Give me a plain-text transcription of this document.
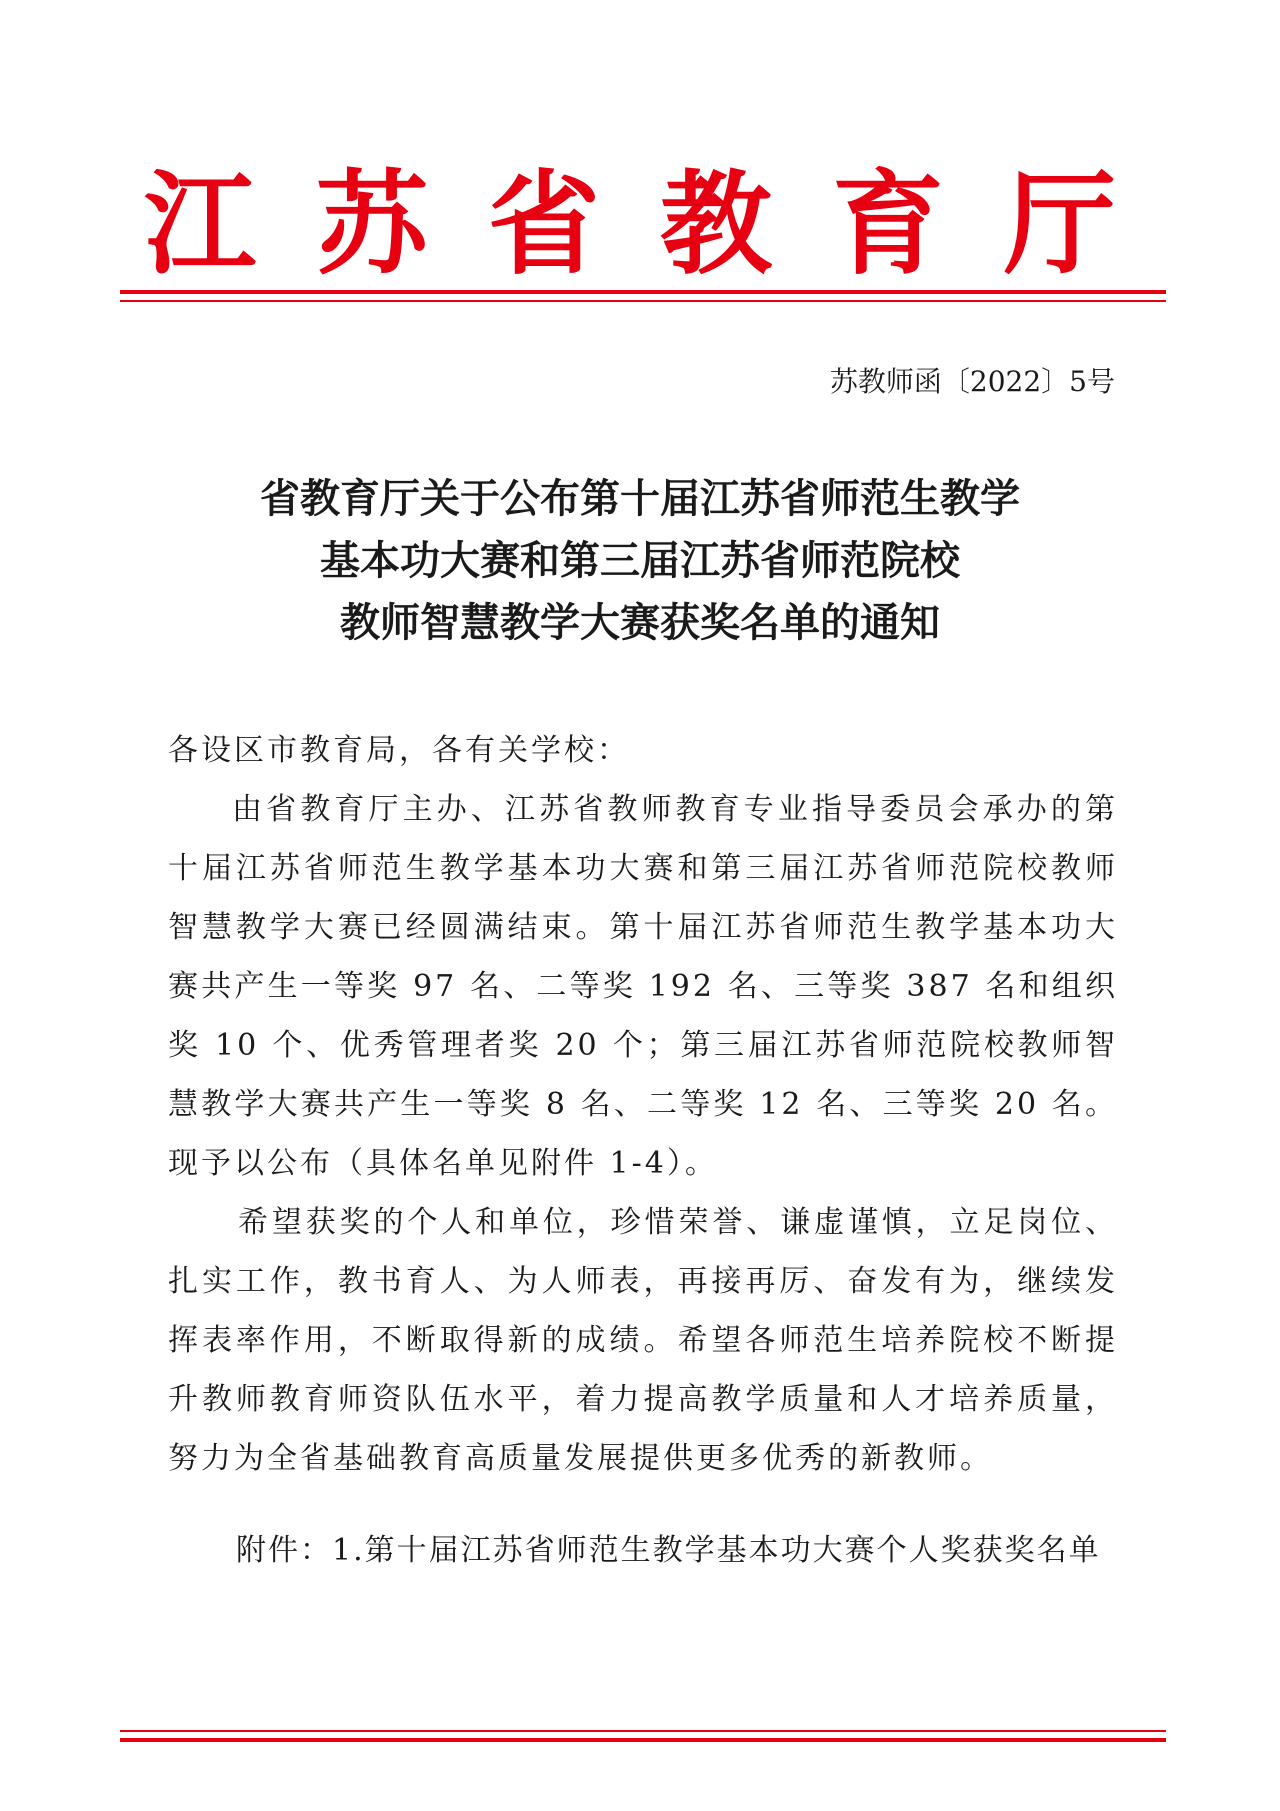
江苏省教育厅
苏教师函〔2022〕5号
省教育厅关于公布第十届江苏省师范生教学
基本功大赛和第三届江苏省师范院校
教师智慧教学大赛获奖名单的通知
各设区市教育局，各有关学校：
由省教育厅主办、江苏省教师教育专业指导委员会承办的第十届江苏省师范生教学基本功大赛和第三届江苏省师范院校教师智慧教学大赛已经圆满结束。第十届江苏省师范生教学基本功大赛共产生一等奖 97 名、二等奖 192 名、三等奖 387 名和组织奖 10 个、优秀管理者奖 20 个；第三届江苏省师范院校教师智慧教学大赛共产生一等奖 8 名、二等奖 12 名、三等奖 20 名。现予以公布（具体名单见附件 1-4）。
希望获奖的个人和单位，珍惜荣誉、谦虚谨慎，立足岗位、扎实工作，教书育人、为人师表，再接再厉、奋发有为，继续发挥表率作用，不断取得新的成绩。希望各师范生培养院校不断提升教师教育师资队伍水平，着力提高教学质量和人才培养质量，努力为全省基础教育高质量发展提供更多优秀的新教师。
附件：1.第十届江苏省师范生教学基本功大赛个人奖获奖名单
